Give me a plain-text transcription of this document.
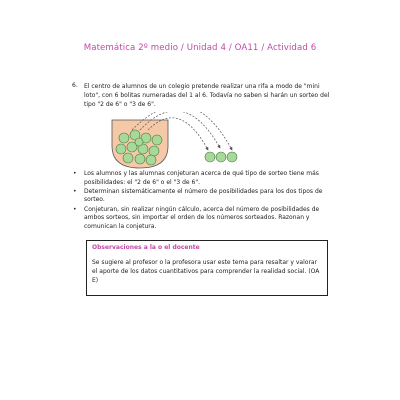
Matemática 2º medio / Unidad 4 / OA11 / Actividad 6
6. El centro de alumnos de un colegio pretende realizar una rifa a modo de "mini loto", con 6 bolitas numeradas del 1 al 6. Todavía no saben si harán un sorteo del tipo "2 de 6" o "3 de 6".
• Los alumnos y las alumnas conjeturan acerca de qué tipo de sorteo tiene más posibilidades: el "2 de 6" o el "3 de 6".
• Determinan sistemáticamente el número de posibilidades para los dos tipos de sorteo.
• Conjeturan, sin realizar ningún cálculo, acerca del número de posibilidades de ambos sorteos, sin importar el orden de los números sorteados. Razonan y comunican la conjetura.
Observaciones a la o el docente
Se sugiere al profesor o la profesora usar este tema para resaltar y valorar el aporte de los datos cuantitativos para comprender la realidad social. (OA E)
